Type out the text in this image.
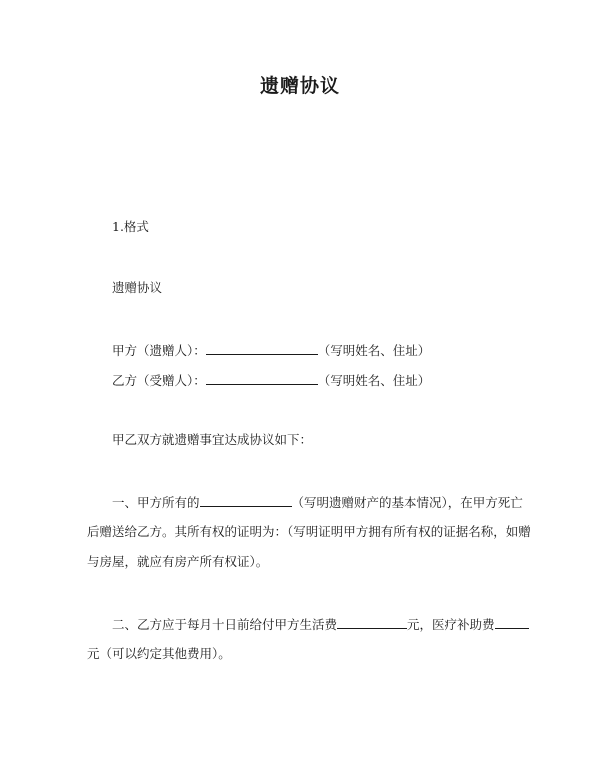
遗赠协议
1.格式
遗赠协议
甲方（遗赠人）：	（写明姓名、住址）
乙方（受赠人）：	（写明姓名、住址）
甲乙双方就遗赠事宜达成协议如下：
一、甲方所有的	（写明遗赠财产的基本情况），在甲方死亡
后赠送给乙方。其所有权的证明为：（写明证明甲方拥有所有权的证据名称，如赠
与房屋，就应有房产所有权证）。
二、乙方应于每月十日前给付甲方生活费	元，医疗补助费
元（可以约定其他费用）。
